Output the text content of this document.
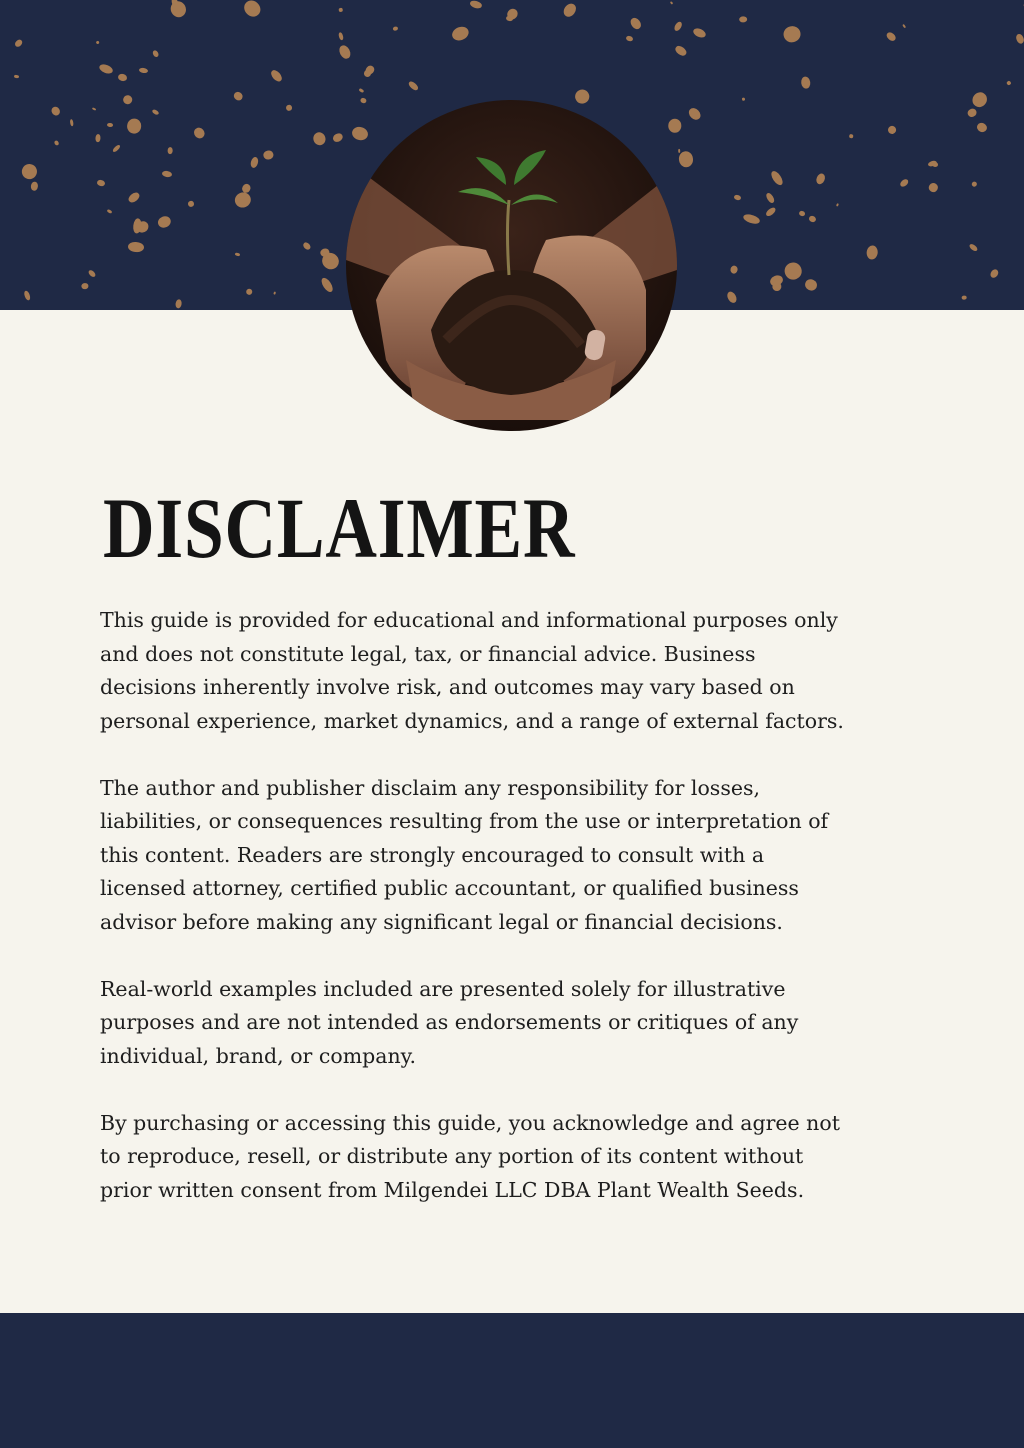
DISCLAIMER

This guide is provided for educational and informational purposes only
and does not constitute legal, tax, or financial advice. Business
decisions inherently involve risk, and outcomes may vary based on
personal experience, market dynamics, and a range of external factors.

The author and publisher disclaim any responsibility for losses,
liabilities, or consequences resulting from the use or interpretation of
this content. Readers are strongly encouraged to consult with a
licensed attorney, certified public accountant, or qualified business
advisor before making any significant legal or financial decisions.

Real-world examples included are presented solely for illustrative
purposes and are not intended as endorsements or critiques of any
individual, brand, or company.

By purchasing or accessing this guide, you acknowledge and agree not
to reproduce, resell, or distribute any portion of its content without
prior written consent from Milgendei LLC DBA Plant Wealth Seeds.
